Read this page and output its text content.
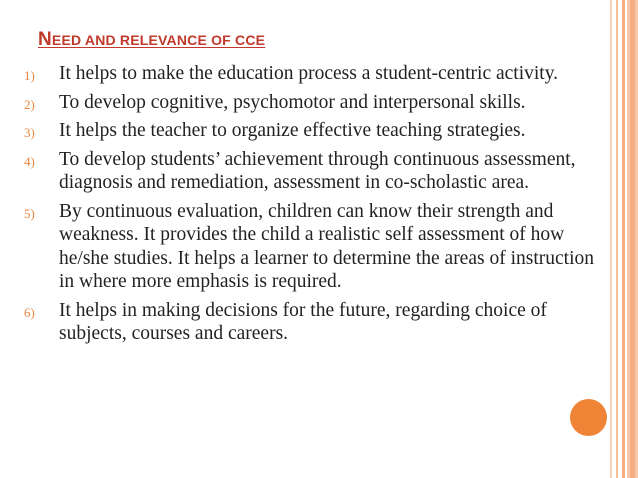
NEED AND RELEVANCE OF CCE
1) It helps to make the education process a student-centric activity.
2) To develop cognitive, psychomotor and interpersonal skills.
3) It helps the teacher to organize effective teaching strategies.
4) To develop students’ achievement through continuous assessment, diagnosis and remediation, assessment in co-scholastic area.
5) By continuous evaluation, children can know their strength and weakness. It provides the child a realistic self assessment of how he/she studies. It helps a learner to determine the areas of instruction in where more emphasis is required.
6) It helps in making decisions for the future, regarding choice of subjects, courses and careers.
